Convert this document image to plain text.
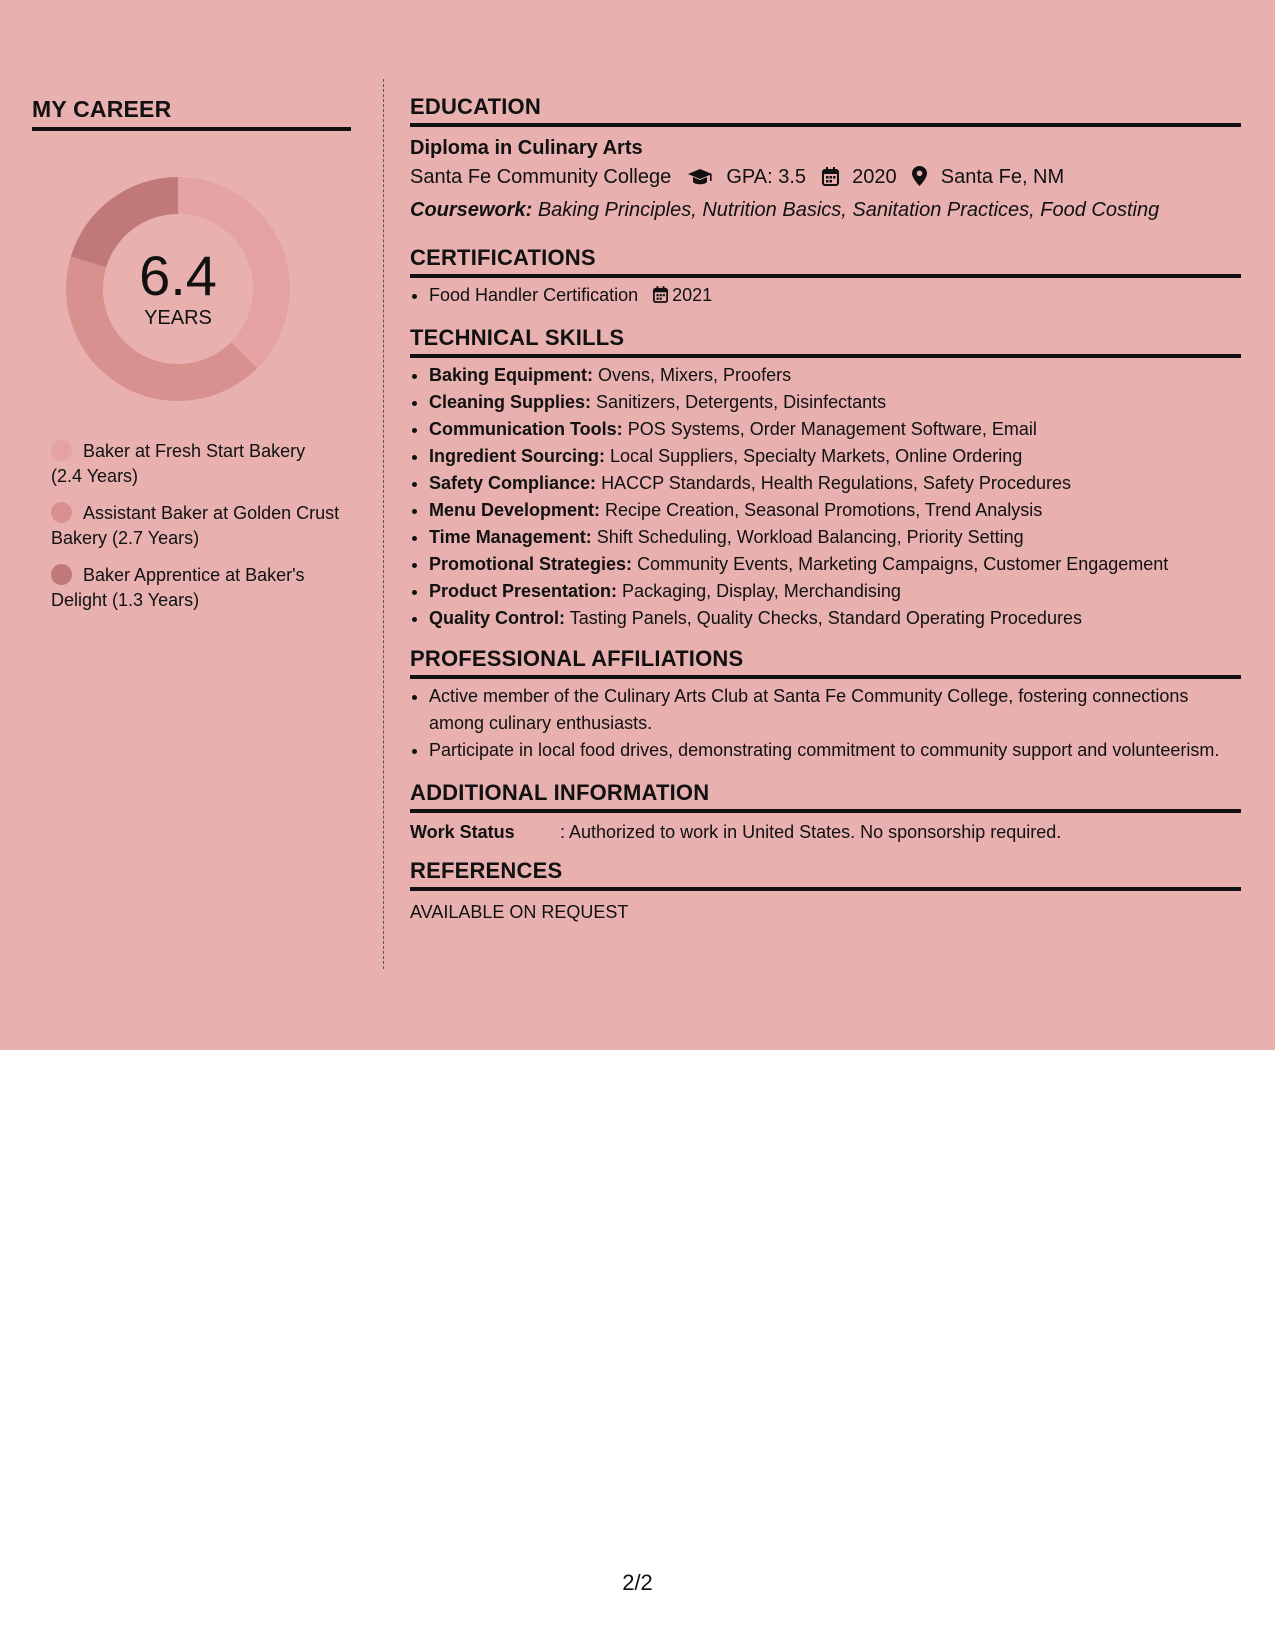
MY CAREER
6.4
YEARS
Baker at Fresh Start Bakery (2.4 Years)
Assistant Baker at Golden Crust Bakery (2.7 Years)
Baker Apprentice at Baker's Delight (1.3 Years)
EDUCATION
Diploma in Culinary Arts
Santa Fe Community College	GPA: 3.5 2020 Santa Fe, NM
Coursework: Baking Principles, Nutrition Basics, Sanitation Practices, Food Costing
CERTIFICATIONS
• Food Handler Certification 2021
TECHNICAL SKILLS
• Baking Equipment: Ovens, Mixers, Proofers
• Cleaning Supplies: Sanitizers, Detergents, Disinfectants
• Communication Tools: POS Systems, Order Management Software, Email
• Ingredient Sourcing: Local Suppliers, Specialty Markets, Online Ordering
• Safety Compliance: HACCP Standards, Health Regulations, Safety Procedures
• Menu Development: Recipe Creation, Seasonal Promotions, Trend Analysis
• Time Management: Shift Scheduling, Workload Balancing, Priority Setting
• Promotional Strategies: Community Events, Marketing Campaigns, Customer Engagement
• Product Presentation: Packaging, Display, Merchandising
• Quality Control: Tasting Panels, Quality Checks, Standard Operating Procedures
PROFESSIONAL AFFILIATIONS
• Active member of the Culinary Arts Club at Santa Fe Community College, fostering connections among culinary enthusiasts.
• Participate in local food drives, demonstrating commitment to community support and volunteerism.
ADDITIONAL INFORMATION
Work Status	: Authorized to work in United States. No sponsorship required.
REFERENCES
AVAILABLE ON REQUEST
2/2
